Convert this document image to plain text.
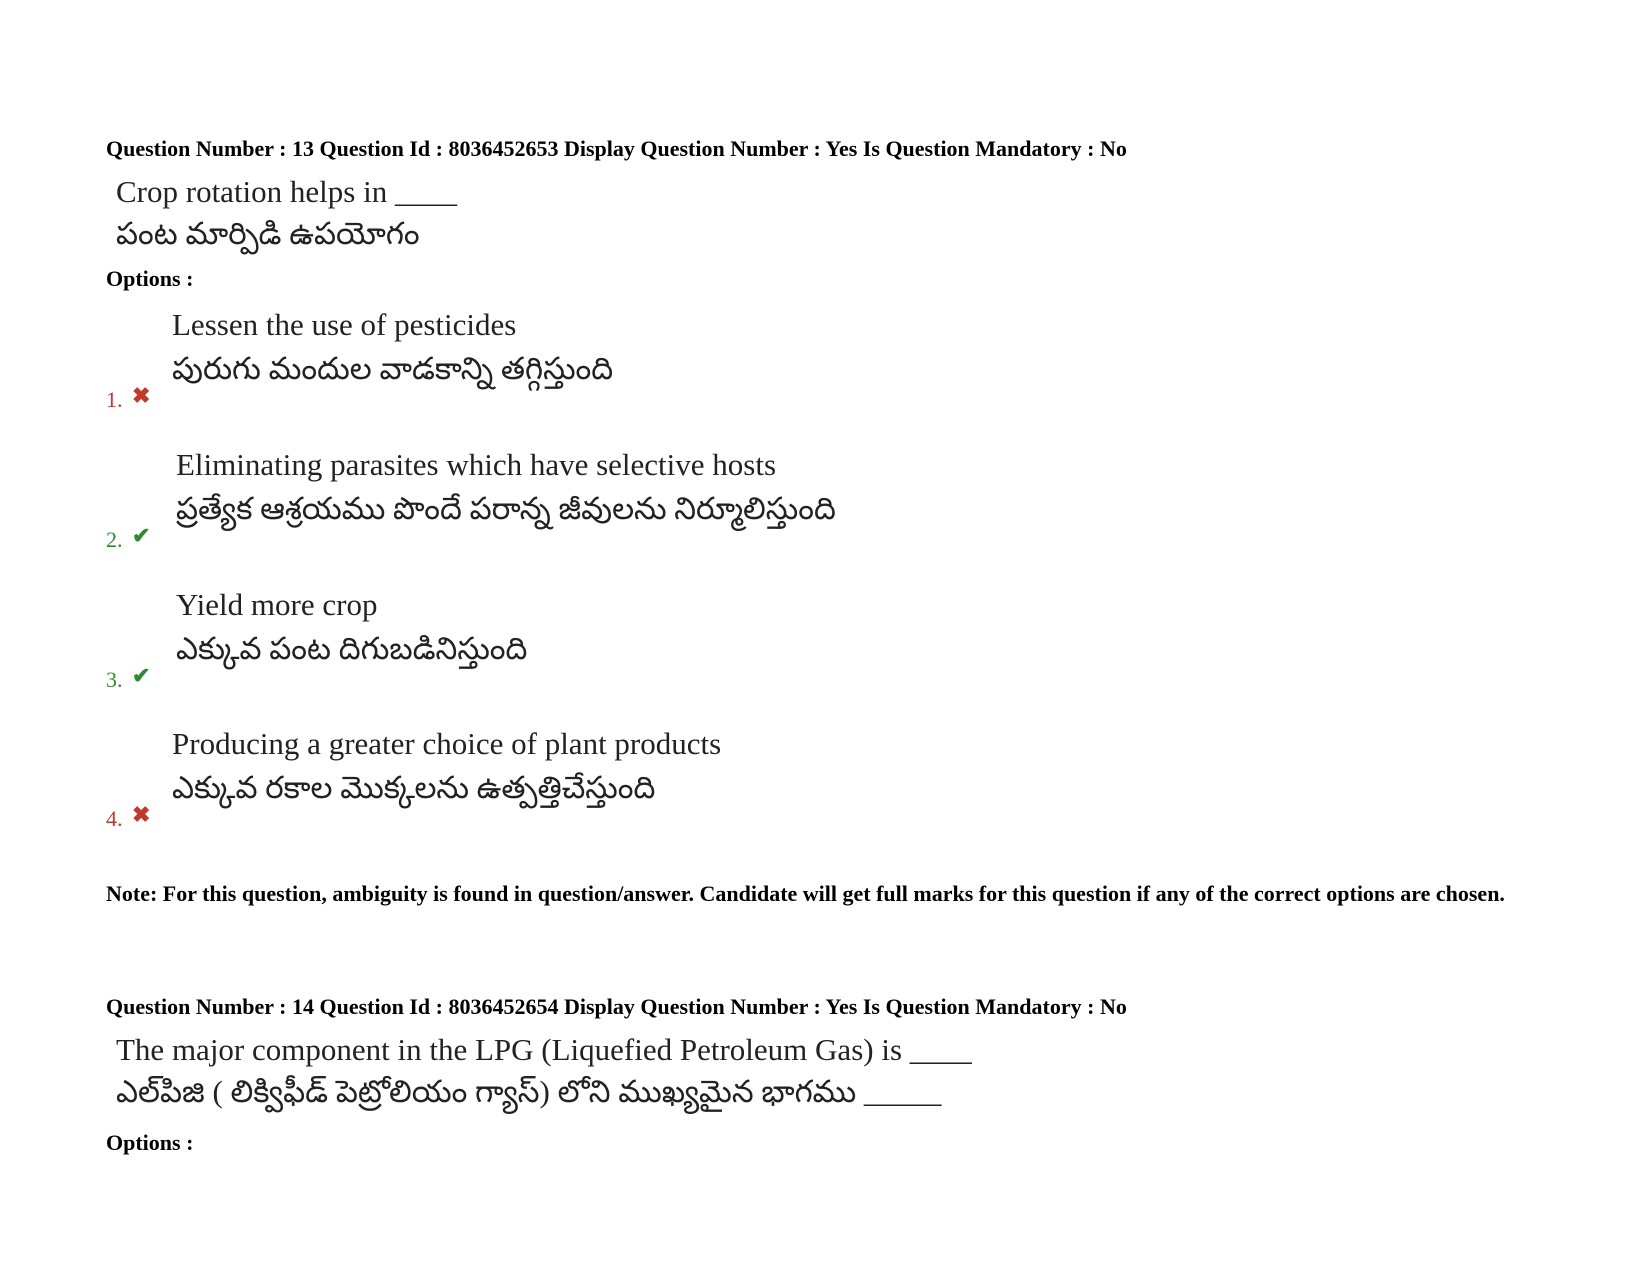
Question Number : 13 Question Id : 8036452653 Display Question Number : Yes Is Question Mandatory : No
Crop rotation helps in ____
పంట మార్పిడి ఉపయోగం
Options :
Lessen the use of pesticides
పురుగు మందుల వాడకాన్ని తగ్గిస్తుంది
1. ✖
Eliminating parasites which have selective hosts
ప్రత్యేక ఆశ్రయము పొందే పరాన్న జీవులను నిర్మూలిస్తుంది
2. ✔
Yield more crop
ఎక్కువ పంట దిగుబడినిస్తుంది
3. ✔
Producing a greater choice of plant products
ఎక్కువ రకాల మొక్కలను ఉత్పత్తిచేస్తుంది
4. ✖
Note: For this question, ambiguity is found in question/answer. Candidate will get full marks for this question if any of the correct options are chosen.
Question Number : 14 Question Id : 8036452654 Display Question Number : Yes Is Question Mandatory : No
The major component in the LPG (Liquefied Petroleum Gas) is ____
ఎల్‌పిజి ( లిక్విఫీడ్ పెట్రోలియం గ్యాస్) లోని ముఖ్యమైన భాగము _____
Options :
